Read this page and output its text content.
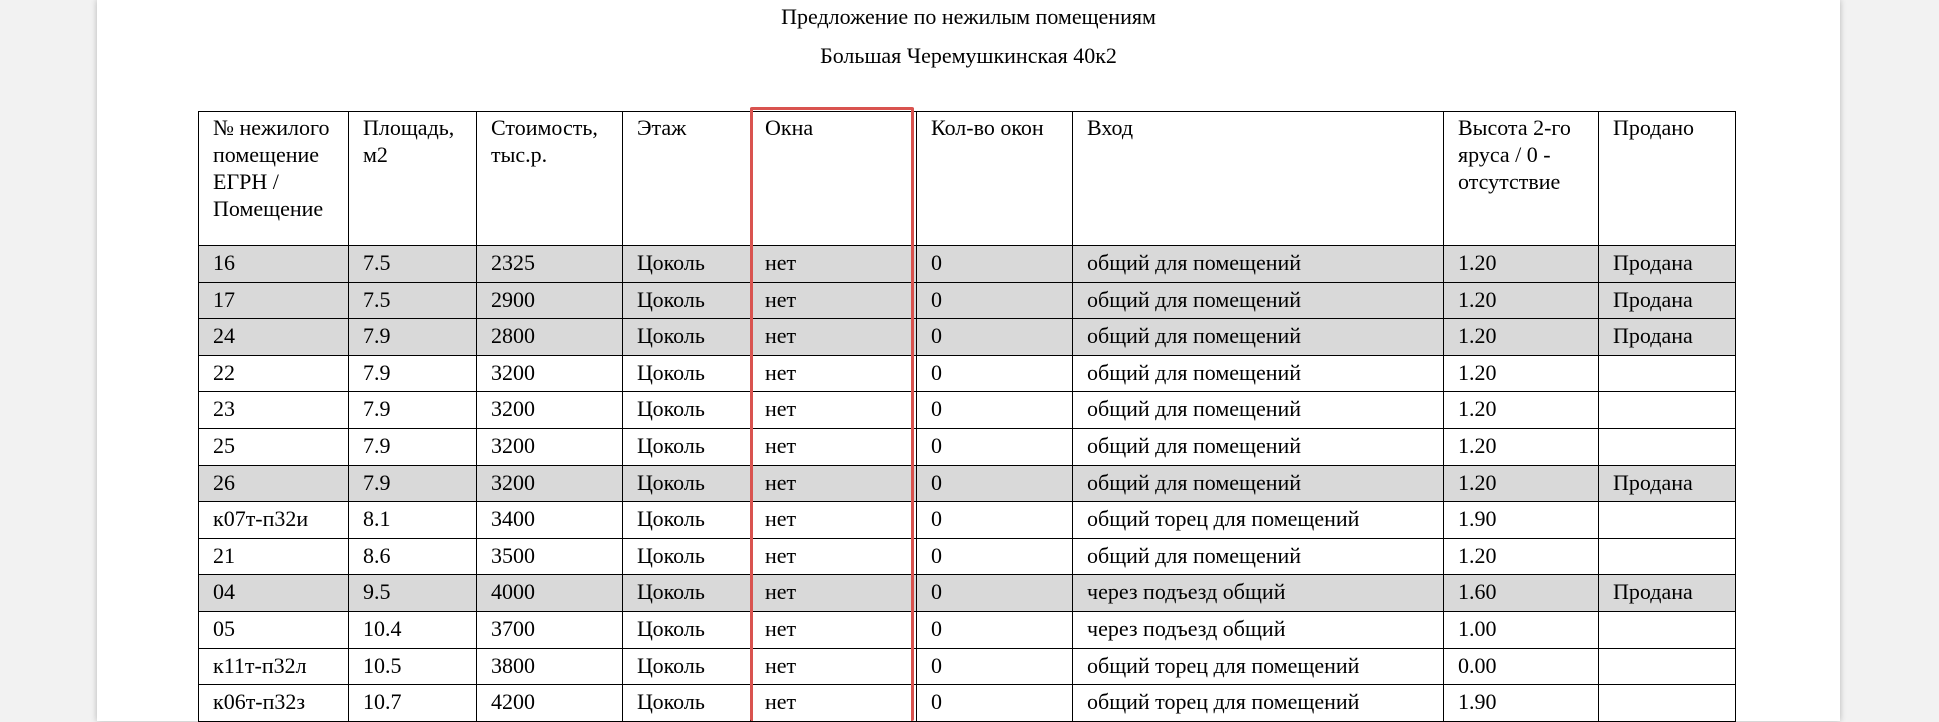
Предложение по нежилым помещениям
Большая Черемушкинская 40к2
№ нежилого помещение ЕГРН / Помещение	Площадь, м2	Стоимость, тыс.р.	Этаж	Окна	Кол-во окон	Вход	Высота 2-го яруса / 0 - отсутствие	Продано
16	7.5	2325	Цоколь	нет	0	общий для помещений	1.20	Продана
17	7.5	2900	Цоколь	нет	0	общий для помещений	1.20	Продана
24	7.9	2800	Цоколь	нет	0	общий для помещений	1.20	Продана
22	7.9	3200	Цоколь	нет	0	общий для помещений	1.20	
23	7.9	3200	Цоколь	нет	0	общий для помещений	1.20	
25	7.9	3200	Цоколь	нет	0	общий для помещений	1.20	
26	7.9	3200	Цоколь	нет	0	общий для помещений	1.20	Продана
к07т-п32и	8.1	3400	Цоколь	нет	0	общий торец для помещений	1.90	
21	8.6	3500	Цоколь	нет	0	общий для помещений	1.20	
04	9.5	4000	Цоколь	нет	0	через подъезд общий	1.60	Продана
05	10.4	3700	Цоколь	нет	0	через подъезд общий	1.00	
к11т-п32л	10.5	3800	Цоколь	нет	0	общий торец для помещений	0.00	
к06т-п32з	10.7	4200	Цоколь	нет	0	общий торец для помещений	1.90	
